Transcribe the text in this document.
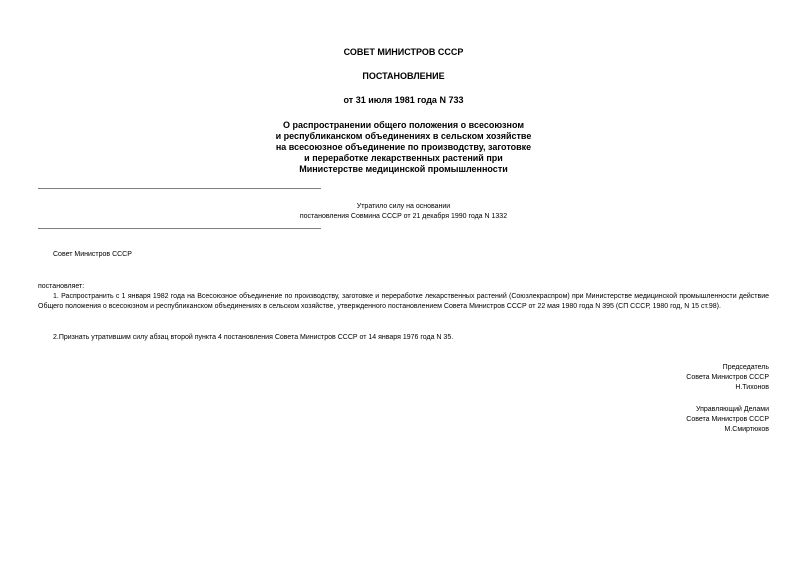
СОВЕТ МИНИСТРОВ СССР
ПОСТАНОВЛЕНИЕ
от 31 июля 1981 года N 733
О распространении общего положения о всесоюзном
и республиканском объединениях в сельском хозяйстве
на всесоюзное объединение по производству, заготовке
и переработке лекарственных растений при
Министерстве медицинской промышленности
Утратило силу на основании
постановления Совмина СССР от 21 декабря 1990 года N 1332
Совет Министров СССР
постановляет:
1. Распространить с 1 января 1982 года на Всесоюзное объединение по производству, заготовке и переработке лекарственных растений (Союзлекраспром) при Министерстве медицинской промышленности действие Общего положения о всесоюзном и республиканском объединениях в сельском хозяйстве, утвержденного постановлением Совета Министров СССР от 22 мая 1980 года N 395 (СП СССР, 1980 год, N 15 ст.98).
2.Признать утратившим силу абзац второй пункта 4 постановления Совета Министров СССР от 14 января 1976 года N 35.
Председатель
Совета Министров СССР
Н.Тихонов
Управляющий Делами
Совета Министров СССР
М.Смиртюков
